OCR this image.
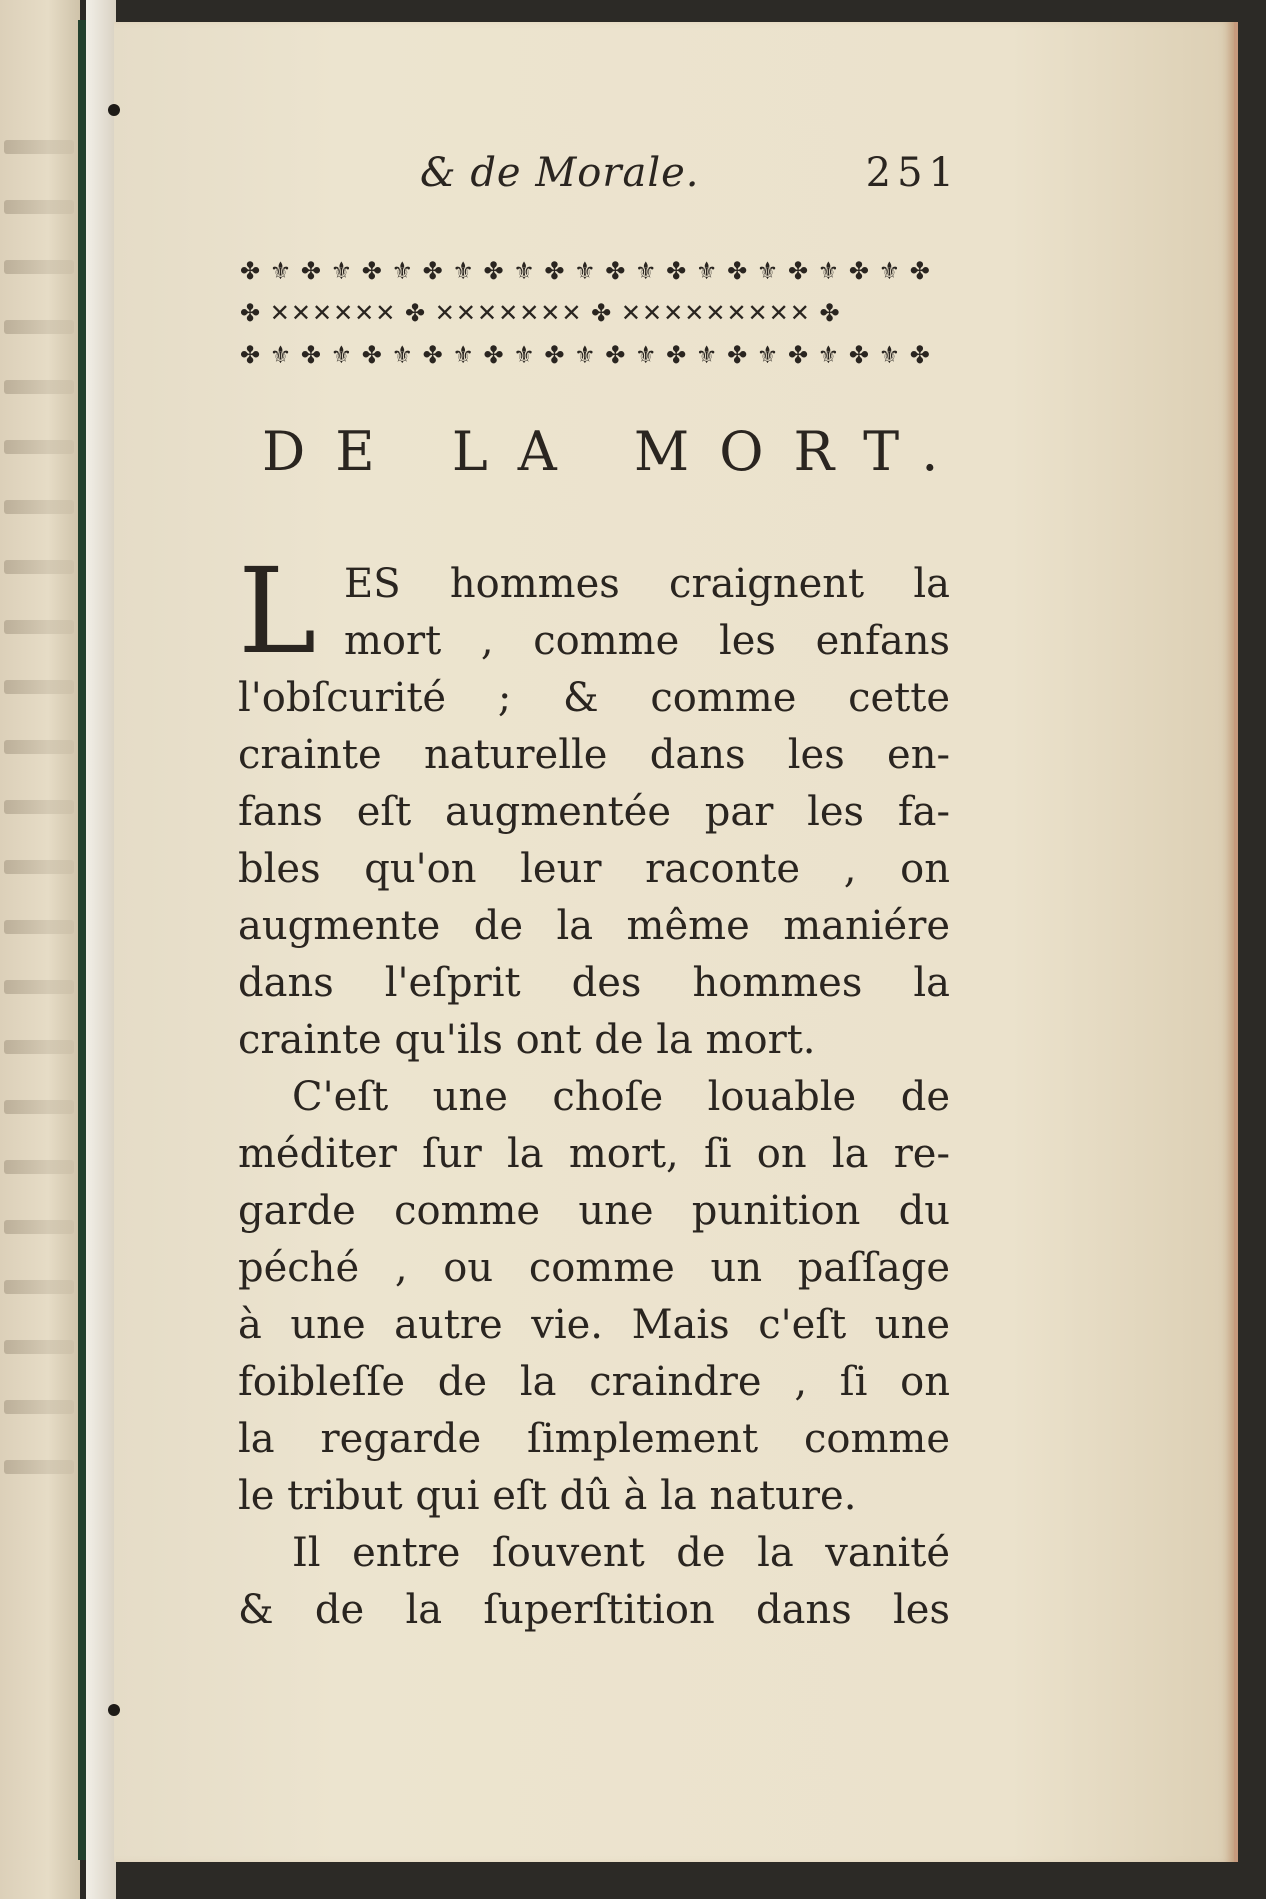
& de Morale.	251
✤ ⚜ ✤ ⚜ ✤ ⚜ ✤ ⚜ ✤ ⚜ ✤ ⚜ ✤ ⚜ ✤ ⚜ ✤ ⚜ ✤ ⚜ ✤ ⚜ ✤
✤ ✕✕✕✕✕✕ ✤ ✕✕✕✕✕✕✕ ✤ ✕✕✕✕✕✕✕✕✕ ✤
✤ ⚜ ✤ ⚜ ✤ ⚜ ✤ ⚜ ✤ ⚜ ✤ ⚜ ✤ ⚜ ✤ ⚜ ✤ ⚜ ✤ ⚜ ✤ ⚜ ✤
DE LA MORT.
L ES hommes craignent la
mort , comme les enfans
l'obſcurité ; & comme cette
crainte naturelle dans les en-
fans eſt augmentée par les fa-
bles qu'on leur raconte , on
augmente de la même maniére
dans l'eſprit des hommes la
crainte qu'ils ont de la mort.
C'eſt une choſe louable de
méditer ſur la mort, ſi on la re-
garde comme une punition du
péché , ou comme un paſſage
à une autre vie. Mais c'eſt une
foibleſſe de la craindre , ſi on
la regarde ſimplement comme
le tribut qui eſt dû à la nature.
Il entre ſouvent de la vanité
& de la ſuperſtition dans les
